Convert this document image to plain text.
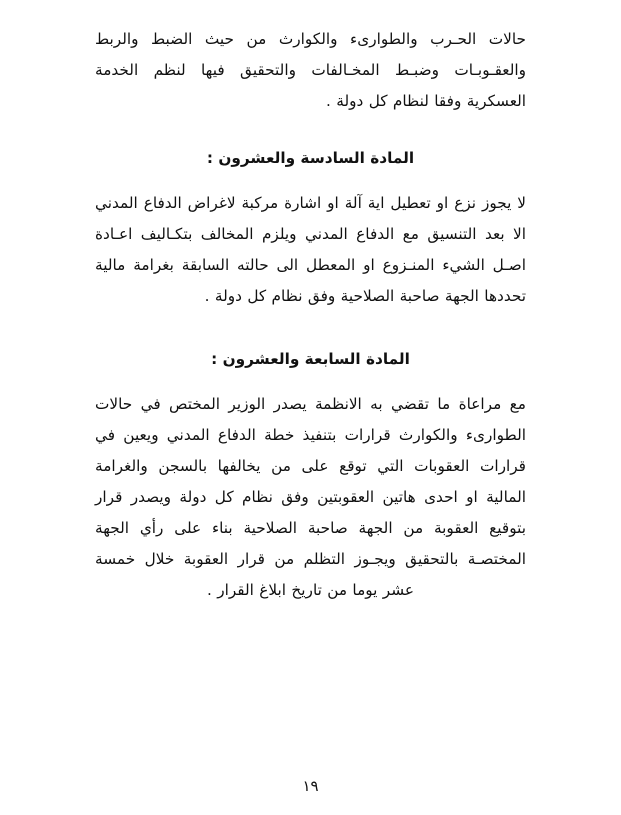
حالات الحـرب والطوارىء والكوارث من حيث الضبط والربط والعقـوبـات وضبـط المخـالفات والتحقيق فيها لنظم الخدمة العسكرية وفقا لنظام كل دولة .

المادة السادسة والعشرون :

لا يجوز نزع او تعطيل اية آلة او اشارة مركبة لاغراض الدفاع المدني الا بعد التنسيق مع الدفاع المدني ويلزم المخالف بتكـاليف اعـادة اصـل الشيء المنـزوع او المعطل الى حالته السابقة بغرامة مالية تحددها الجهة صاحبة الصلاحية وفق نظام كل دولة .

المادة السابعة والعشرون :

مع مراعاة ما تقضي به الانظمة يصدر الوزير المختص في حالات الطوارىء والكوارث قرارات بتنفيذ خطة الدفاع المدني ويعين في قرارات العقوبات التي توقع على من يخالفها بالسجن والغرامة المالية او احدى هاتين العقوبتين وفق نظام كل دولة ويصدر قرار بتوقيع العقوبة من الجهة صاحبة الصلاحية بناء على رأي الجهة المختصـة بالتحقيق ويجـوز التظلم من قرار العقوبة خلال خمسة عشر يوما من تاريخ ابلاغ القرار .

١٩
